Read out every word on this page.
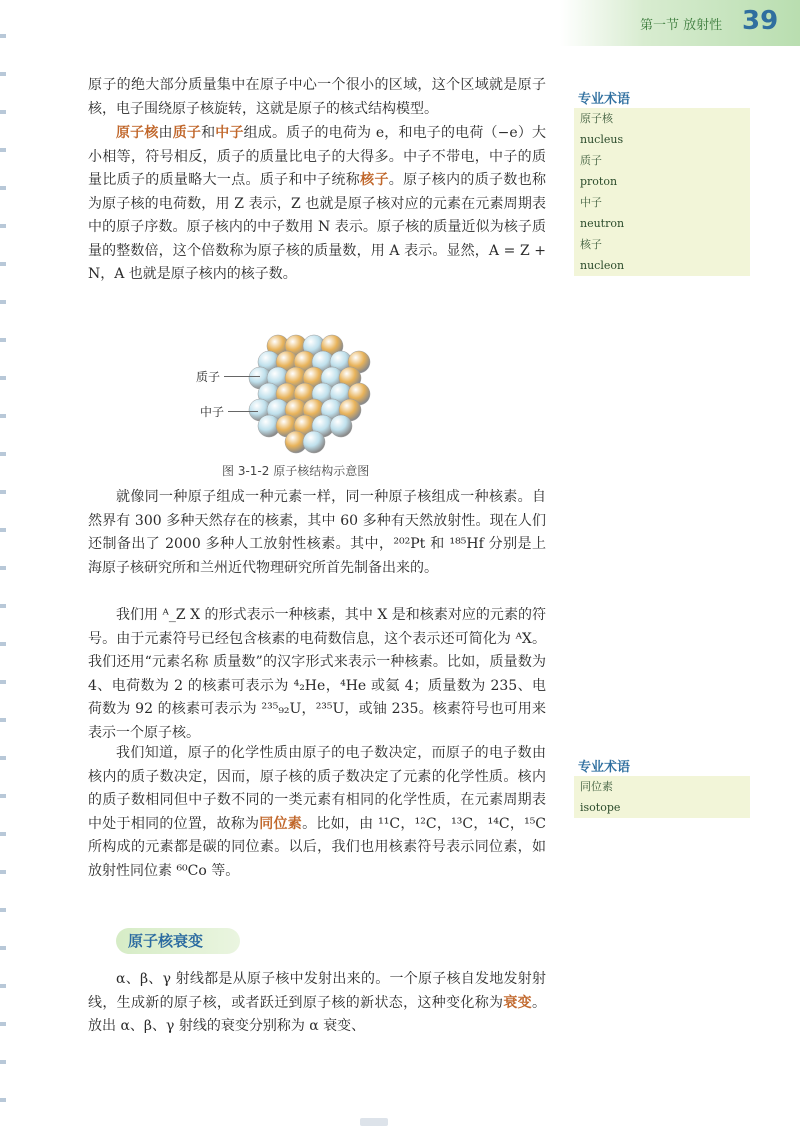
第一节 放射性 39

原子的绝大部分质量集中在原子中心一个很小的区域，这个区域就是原子核，电子围绕原子核旋转，这就是原子的核式结构模型。

原子核由质子和中子组成。质子的电荷为 e，和电子的电荷（−e）大小相等，符号相反，质子的质量比电子的大得多。中子不带电，中子的质量比质子的质量略大一点。质子和中子统称核子。原子核内的质子数也称为原子核的电荷数，用 Z 表示，Z 也就是原子核对应的元素在元素周期表中的原子序数。原子核内的中子数用 N 表示。原子核的质量近似为核子质量的整数倍，这个倍数称为原子核的质量数，用 A 表示。显然，A = Z + N，A 也就是原子核内的核子数。

专业术语
原子核
nucleus
质子
proton
中子
neutron
核子
nucleon
质子
中子
图 3-1-2 原子核结构示意图

就像同一种原子组成一种元素一样，同一种原子核组成一种核素。自然界有 300 多种天然存在的核素，其中 60 多种有天然放射性。现在人们还制备出了 2000 多种人工放射性核素。其中，²⁰²Pt 和 ¹⁸⁵Hf 分别是上海原子核研究所和兰州近代物理研究所首先制备出来的。

我们用 ᴬ_Z X 的形式表示一种核素，其中 X 是和核素对应的元素的符号。由于元素符号已经包含核素的电荷数信息，这个表示还可简化为 ᴬX。我们还用“元素名称 质量数”的汉字形式来表示一种核素。比如，质量数为 4、电荷数为 2 的核素可表示为 ⁴₂He，⁴He 或氦 4；质量数为 235、电荷数为 92 的核素可表示为 ²³⁵₉₂U，²³⁵U，或铀 235。核素符号也可用来表示一个原子核。

专业术语
同位素
isotope

我们知道，原子的化学性质由原子的电子数决定，而原子的电子数由核内的质子数决定，因而，原子核的质子数决定了元素的化学性质。核内的质子数相同但中子数不同的一类元素有相同的化学性质，在元素周期表中处于相同的位置，故称为同位素。比如，由 ¹¹C，¹²C，¹³C，¹⁴C，¹⁵C 所构成的元素都是碳的同位素。以后，我们也用核素符号表示同位素，如放射性同位素 ⁶⁰Co 等。

原子核衰变

α、β、γ 射线都是从原子核中发射出来的。一个原子核自发地发射射线，生成新的原子核，或者跃迁到原子核的新状态，这种变化称为衰变。放出 α、β、γ 射线的衰变分别称为 α 衰变、
